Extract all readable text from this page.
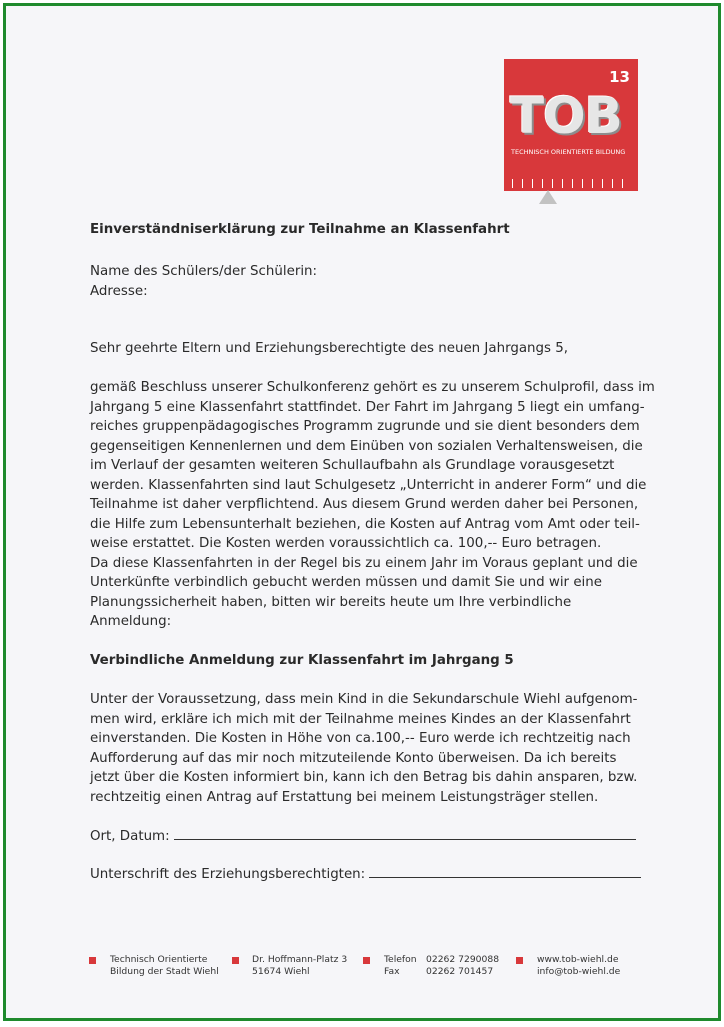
13
TOB
TECHNISCH ORIENTIERTE BILDUNG
Einverständniserklärung zur Teilnahme an Klassenfahrt
Name des Schülers/der Schülerin:
Adresse:
Sehr geehrte Eltern und Erziehungsberechtigte des neuen Jahrgangs 5,
gemäß Beschluss unserer Schulkonferenz gehört es zu unserem Schulprofil, dass im
Jahrgang 5 eine Klassenfahrt stattfindet. Der Fahrt im Jahrgang 5 liegt ein umfang-
reiches gruppenpädagogisches Programm zugrunde und sie dient besonders dem
gegenseitigen Kennenlernen und dem Einüben von sozialen Verhaltensweisen, die
im Verlauf der gesamten weiteren Schullaufbahn als Grundlage vorausgesetzt
werden. Klassenfahrten sind laut Schulgesetz „Unterricht in anderer Form“ und die
Teilnahme ist daher verpflichtend. Aus diesem Grund werden daher bei Personen,
die Hilfe zum Lebensunterhalt beziehen, die Kosten auf Antrag vom Amt oder teil-
weise erstattet. Die Kosten werden voraussichtlich ca. 100,-- Euro betragen.
Da diese Klassenfahrten in der Regel bis zu einem Jahr im Voraus geplant und die
Unterkünfte verbindlich gebucht werden müssen und damit Sie und wir eine
Planungssicherheit haben, bitten wir bereits heute um Ihre verbindliche
Anmeldung:
Verbindliche Anmeldung zur Klassenfahrt im Jahrgang 5
Unter der Voraussetzung, dass mein Kind in die Sekundarschule Wiehl aufgenom-
men wird, erkläre ich mich mit der Teilnahme meines Kindes an der Klassenfahrt
einverstanden. Die Kosten in Höhe von ca.100,-- Euro werde ich rechtzeitig nach
Aufforderung auf das mir noch mitzuteilende Konto überweisen. Da ich bereits
jetzt über die Kosten informiert bin, kann ich den Betrag bis dahin ansparen, bzw.
rechtzeitig einen Antrag auf Erstattung bei meinem Leistungsträger stellen.
Ort, Datum:
Unterschrift des Erziehungsberechtigten:
Technisch Orientierte
Bildung der Stadt Wiehl
Dr. Hoffmann-Platz 3
51674 Wiehl
Telefon 02262 7290088
Fax	02262 701457
www.tob-wiehl.de
info@tob-wiehl.de
